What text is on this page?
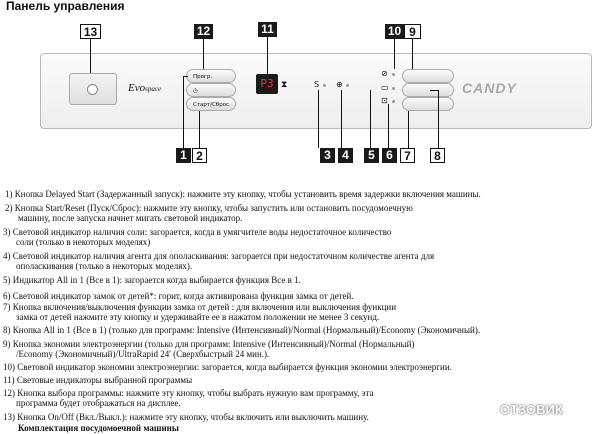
Панель управления
Evospace
Прогр.
◷
Старт/Сброс
P3 ⧗	S ⊕
⊘
▭
⊡
CANDY
13	12	11	10 9
1 2	3 4	5 6 7	8
1) Кнопка Delayed Start (Задержанный запуск): нажмите эту кнопку, чтобы установить время задержки включения машины.
2) Кнопка Start/Reset (Пуск/Сброс): нажмите эту кнопку, чтобы запустить или остановить посудомоечную
машину, после запуска начнет мигать световой индикатор.
3) Световой индикатор наличия соли: загорается, когда в умягчителе воды недостаточное количество
соли (только в некоторых моделях)
4) Световой индикатор наличия агента для ополаскивания: загорается при недостаточном количестве агента для
ополаскивания (только в некоторых моделях).
5) Индикатор All in 1 (Все в 1): загорается когда выбирается функция Все в 1.
6) Световой индикатор замок от детей*: горит, когда активирована функция замка от детей.
7) Кнопка включения/выключения функции замка от детей : для включения или выключения функции
замка от детей нажмите эту кнопку и удерживайте ее в нажатом положении не менее 3 секунд.
8) Кнопка All in 1 (Все в 1) (только для программ: Intensive (Интенсивный)/Normal (Нормальный)/Economy (Экономичный).
9) Кнопка экономии электроэнергии (только для программ: Intensive (Интенсивный)/Normal (Нормальный)
/Economy (Экономичный)/UltraRapid 24' (Сверхбыстрый 24 мин.).
10) Световой индикатор экономии электроэнергии: загорается, когда выбирается функция экономии электроэнергии.
11) Световые индикаторы выбранной программы
12) Кнопка выбора программы: нажмите эту кнопку, чтобы выбрать нужную вам программу, эта
программа будет отображаться на дисплее.
13) Кнопка On/Off (Вкл./Выкл.): нажмите эту кнопку, чтобы включить или выключить машину.
Комплектация посудомоечной машины
ОТЗОВИК
